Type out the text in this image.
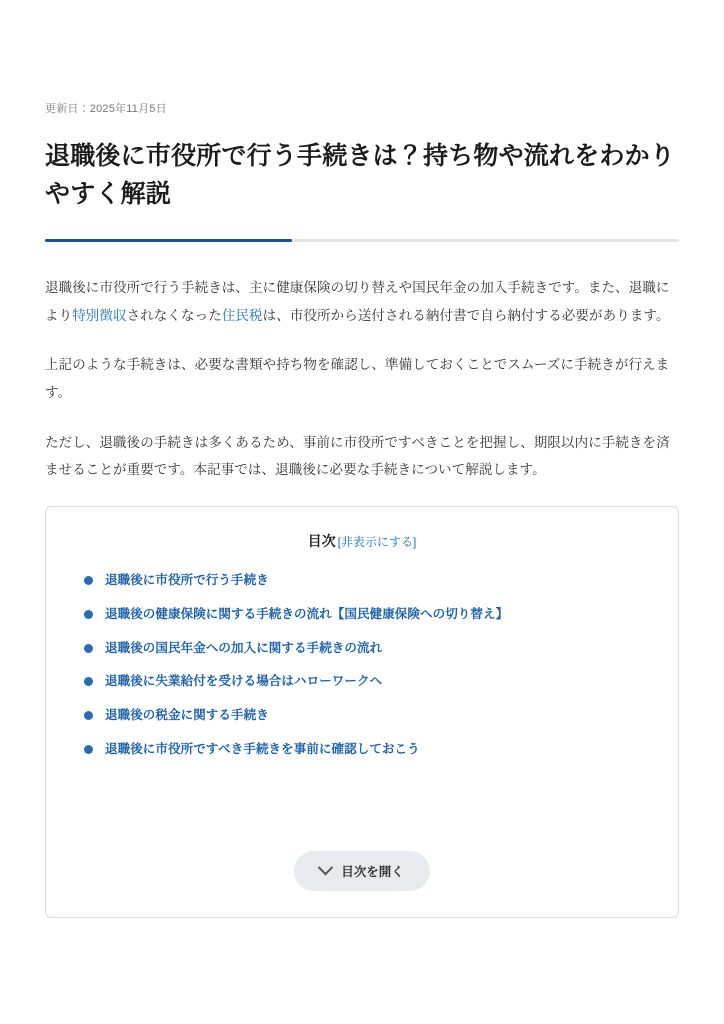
更新日：2025年11月5日
退職後に市役所で行う手続きは？持ち物や流れをわかりやすく解説

退職後に市役所で行う手続きは、主に健康保険の切り替えや国民年金の加入手続きです。また、退職により特別徴収されなくなった住民税は、市役所から送付される納付書で自ら納付する必要があります。

上記のような手続きは、必要な書類や持ち物を確認し、準備しておくことでスムーズに手続きが行えます。

ただし、退職後の手続きは多くあるため、事前に市役所ですべきことを把握し、期限以内に手続きを済ませることが重要です。本記事では、退職後に必要な手続きについて解説します。

目次 [非表示にする]
退職後に市役所で行う手続き
退職後の健康保険に関する手続きの流れ【国民健康保険への切り替え】
退職後の国民年金への加入に関する手続きの流れ
退職後に失業給付を受ける場合はハローワークへ
退職後の税金に関する手続き
退職後に市役所ですべき手続きを事前に確認しておこう
目次を開く
